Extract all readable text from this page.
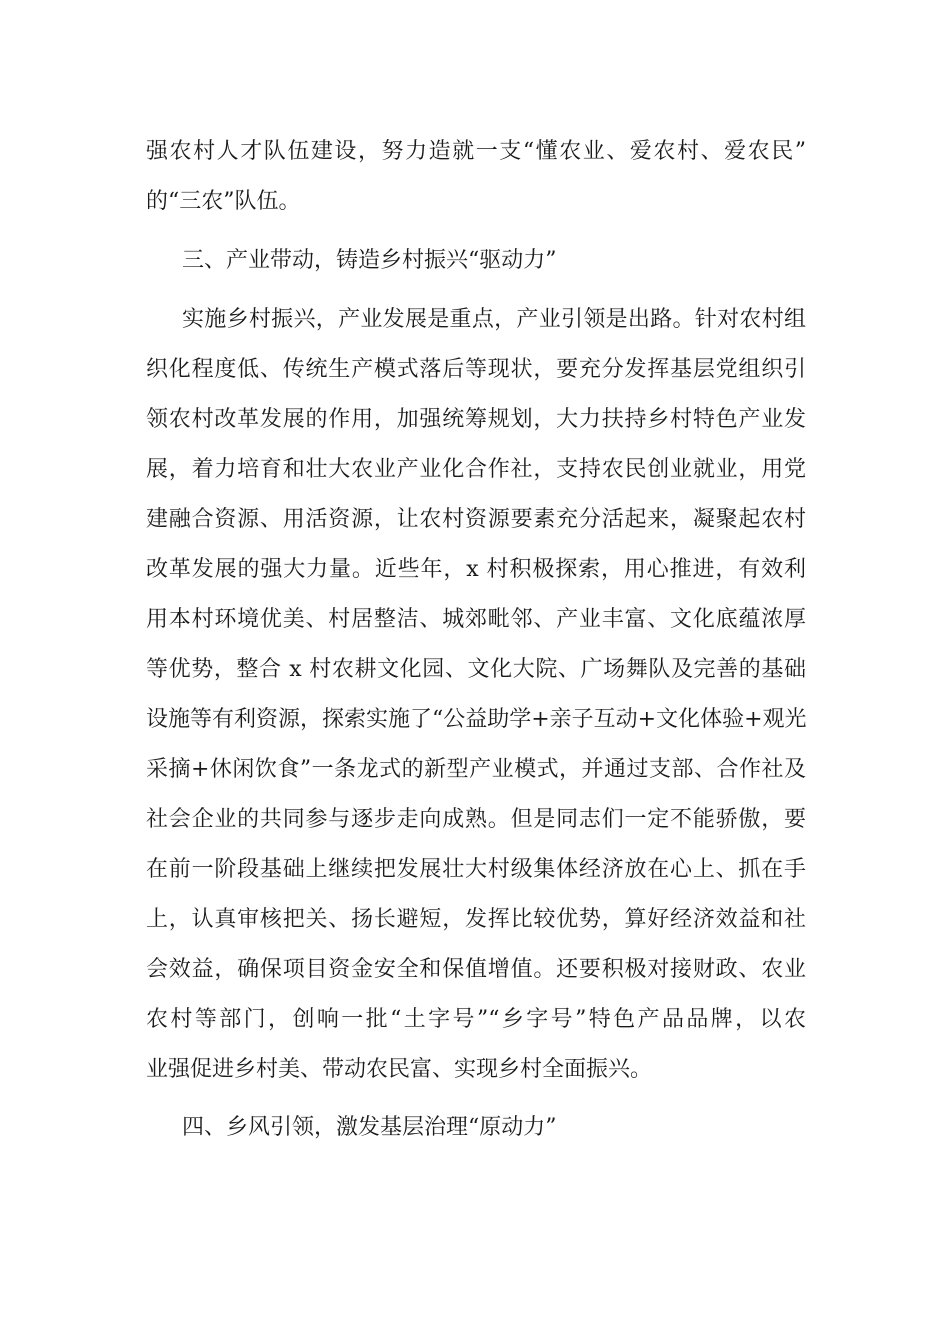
强农村人才队伍建设，努力造就一支“懂农业、爱农村、爱农民”

的“三农”队伍。

三、产业带动，铸造乡村振兴“驱动力”

实施乡村振兴，产业发展是重点，产业引领是出路。针对农村组

织化程度低、传统生产模式落后等现状，要充分发挥基层党组织引

领农村改革发展的作用，加强统筹规划，大力扶持乡村特色产业发

展，着力培育和壮大农业产业化合作社，支持农民创业就业，用党

建融合资源、用活资源，让农村资源要素充分活起来，凝聚起农村

改革发展的强大力量。近些年，x 村积极探索，用心推进，有效利

用本村环境优美、村居整洁、城郊毗邻、产业丰富、文化底蕴浓厚

等优势，整合 x 村农耕文化园、文化大院、广场舞队及完善的基础

设施等有利资源，探索实施了“公益助学+亲子互动+文化体验+观光

采摘+休闲饮食”一条龙式的新型产业模式，并通过支部、合作社及

社会企业的共同参与逐步走向成熟。但是同志们一定不能骄傲，要

在前一阶段基础上继续把发展壮大村级集体经济放在心上、抓在手

上，认真审核把关、扬长避短，发挥比较优势，算好经济效益和社

会效益，确保项目资金安全和保值增值。还要积极对接财政、农业

农村等部门，创响一批“土字号”“乡字号”特色产品品牌，以农

业强促进乡村美、带动农民富、实现乡村全面振兴。

四、乡风引领，激发基层治理“原动力”
